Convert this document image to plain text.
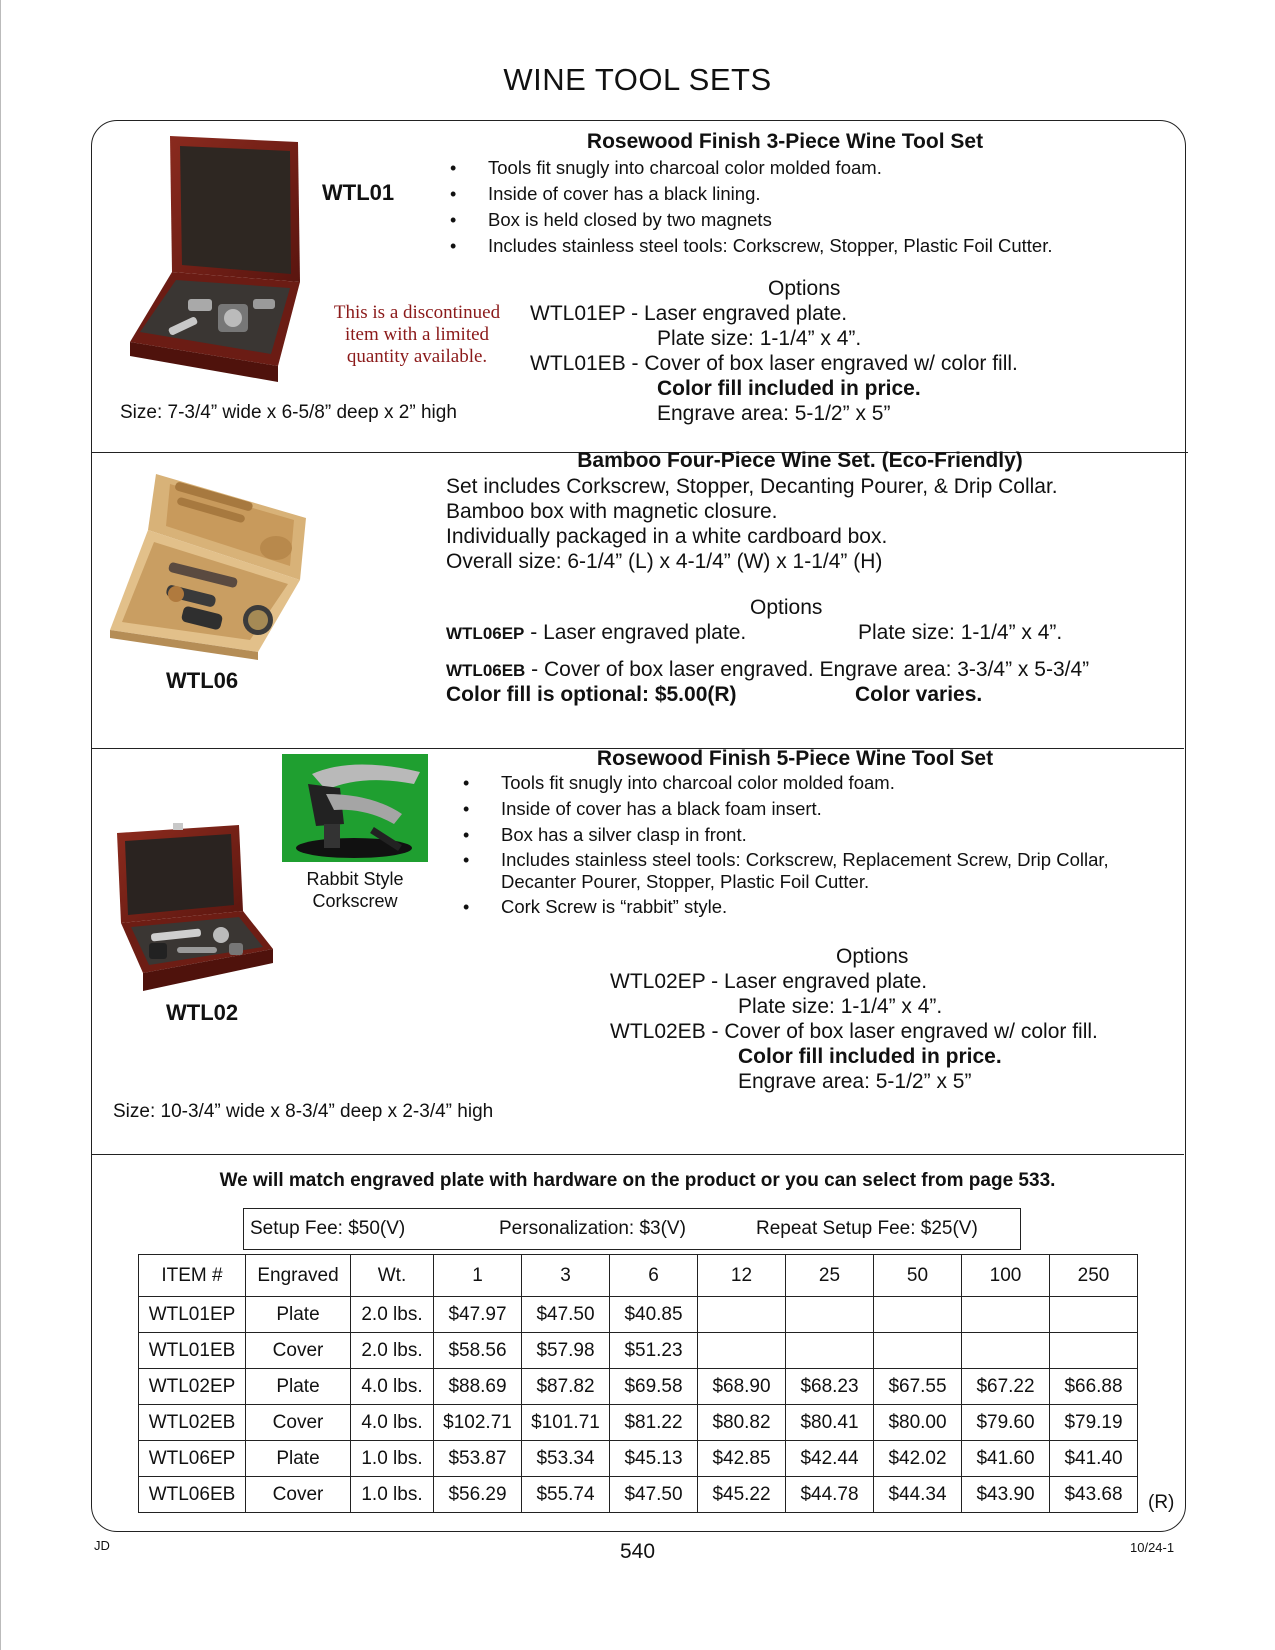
WINE TOOL SETS
WTL01
Rosewood Finish 3-Piece Wine Tool Set
• Tools fit snugly into charcoal color molded foam.
• Inside of cover has a black lining.
• Box is held closed by two magnets
• Includes stainless steel tools: Corkscrew, Stopper, Plastic Foil Cutter.
This is a discontinued
item with a limited
quantity available.
Options
WTL01EP - Laser engraved plate.
Plate size: 1-1/4” x 4”.
WTL01EB - Cover of box laser engraved w/ color fill.
Color fill included in price.
Engrave area: 5-1/2” x 5”
Size: 7-3/4” wide x 6-5/8” deep x 2” high
WTL06
Bamboo Four-Piece Wine Set. (Eco-Friendly)
Set includes Corkscrew, Stopper, Decanting Pourer, & Drip Collar.
Bamboo box with magnetic closure.
Individually packaged in a white cardboard box.
Overall size: 6-1/4” (L) x 4-1/4” (W) x 1-1/4” (H)
Options
WTL06EP - Laser engraved plate.	Plate size: 1-1/4” x 4”.
WTL06EB - Cover of box laser engraved. Engrave area: 3-3/4” x 5-3/4”
Color fill is optional: $5.00(R)	Color varies.
Rabbit Style
Corkscrew
WTL02
Rosewood Finish 5-Piece Wine Tool Set
• Tools fit snugly into charcoal color molded foam.
• Inside of cover has a black foam insert.
• Box has a silver clasp in front.
• Includes stainless steel tools: Corkscrew, Replacement Screw, Drip Collar, Decanter Pourer, Stopper, Plastic Foil Cutter.
• Cork Screw is “rabbit” style.
Options
WTL02EP - Laser engraved plate.
Plate size: 1-1/4” x 4”.
WTL02EB - Cover of box laser engraved w/ color fill.
Color fill included in price.
Engrave area: 5-1/2” x 5”
Size: 10-3/4” wide x 8-3/4” deep x 2-3/4” high
We will match engraved plate with hardware on the product or you can select from page 533.
Setup Fee: $50(V)	Personalization: $3(V)	Repeat Setup Fee: $25(V)
ITEM #	Engraved	Wt.	1	3	6	12	25	50	100	250
WTL01EP	Plate	2.0 lbs.	$47.97	$47.50	$40.85					
WTL01EB	Cover	2.0 lbs.	$58.56	$57.98	$51.23					
WTL02EP	Plate	4.0 lbs.	$88.69	$87.82	$69.58	$68.90	$68.23	$67.55	$67.22	$66.88
WTL02EB	Cover	4.0 lbs.	$102.71	$101.71	$81.22	$80.82	$80.41	$80.00	$79.60	$79.19
WTL06EP	Plate	1.0 lbs.	$53.87	$53.34	$45.13	$42.85	$42.44	$42.02	$41.60	$41.40
WTL06EB	Cover	1.0 lbs.	$56.29	$55.74	$47.50	$45.22	$44.78	$44.34	$43.90	$43.68 (R)
JD	540	10/24-1
